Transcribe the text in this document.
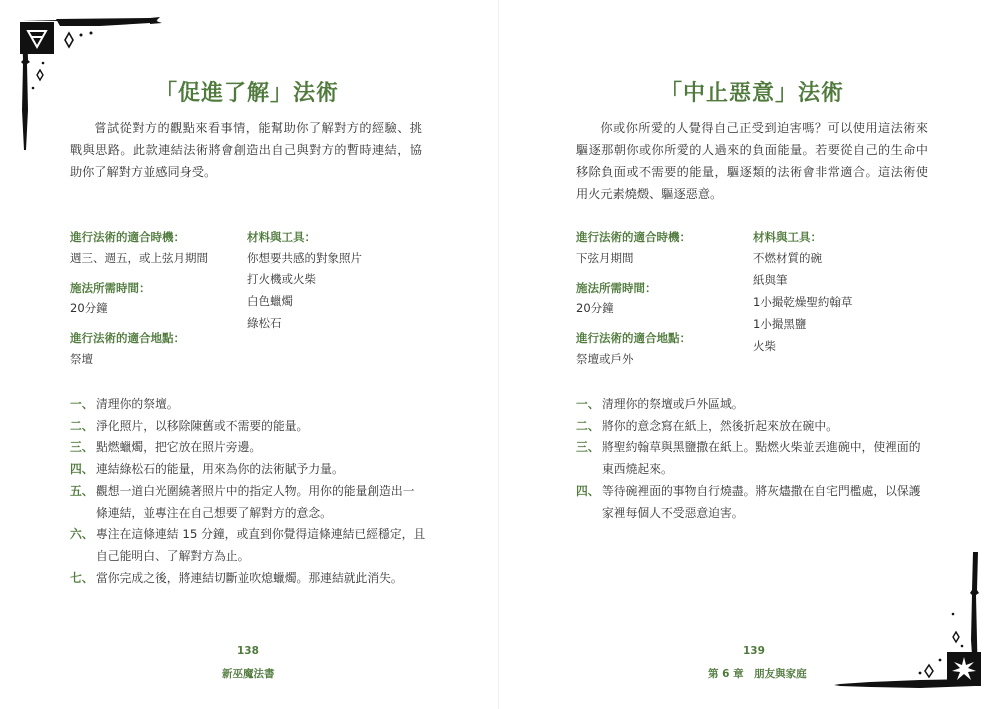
「促進了解」法術
嘗試從對方的觀點來看事情，能幫助你了解對方的經驗、挑戰與思路。此款連結法術將會創造出自己與對方的暫時連結，協助你了解對方並感同身受。
進行法術的適合時機：
週三、週五，或上弦月期間
施法所需時間：
20分鐘
進行法術的適合地點：
祭壇
材料與工具：
你想要共感的對象照片
打火機或火柴
白色蠟燭
綠松石
一、 清理你的祭壇。
二、 淨化照片，以移除陳舊或不需要的能量。
三、 點燃蠟燭，把它放在照片旁邊。
四、 連結綠松石的能量，用來為你的法術賦予力量。
五、 觀想一道白光圍繞著照片中的指定人物。用你的能量創造出一條連結，並專注在自己想要了解對方的意念。
六、 專注在這條連結 15 分鐘，或直到你覺得這條連結已經穩定，且自己能明白、了解對方為止。
七、 當你完成之後，將連結切斷並吹熄蠟燭。那連結就此消失。
138
新巫魔法書
「中止惡意」法術
你或你所愛的人覺得自己正受到迫害嗎？可以使用這法術來驅逐那朝你或你所愛的人過來的負面能量。若要從自己的生命中移除負面或不需要的能量，驅逐類的法術會非常適合。這法術使用火元素燒燬、驅逐惡意。
進行法術的適合時機：
下弦月期間
施法所需時間：
20分鐘
進行法術的適合地點：
祭壇或戶外
材料與工具：
不燃材質的碗
紙與筆
1小撮乾燥聖約翰草
1小撮黑鹽
火柴
一、 清理你的祭壇或戶外區域。
二、 將你的意念寫在紙上，然後折起來放在碗中。
三、 將聖約翰草與黑鹽撒在紙上。點燃火柴並丟進碗中，使裡面的東西燒起來。
四、 等待碗裡面的事物自行燒盡。將灰燼撒在自宅門檻處，以保護家裡每個人不受惡意迫害。
139
第 6 章　朋友與家庭
